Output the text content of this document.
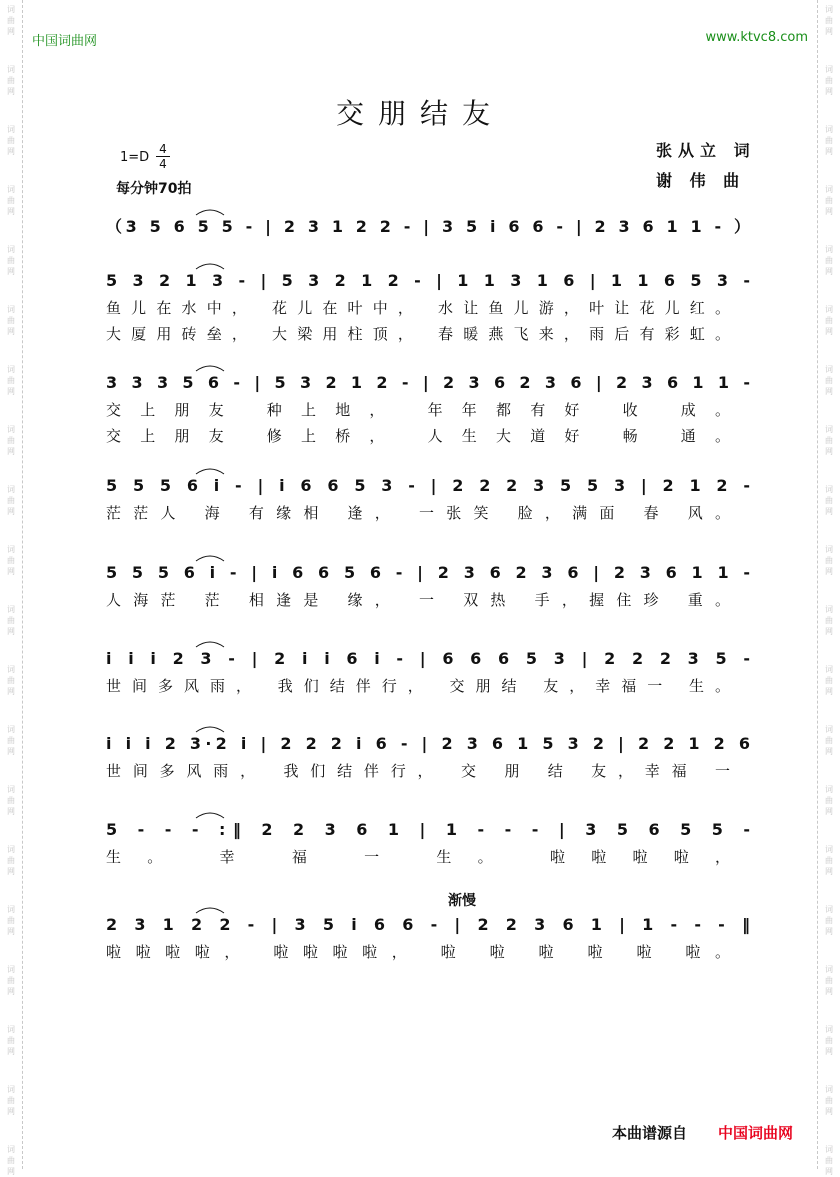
词
曲
网
词
曲
网
词
曲
网
词
曲
网
词
曲
网
词
曲
网
词
曲
网
词
曲
网
词
曲
网
词
曲
网
词
曲
网
词
曲
网
词
曲
网
词
曲
网
词
曲
网
词
曲
网
词
曲
网
词
曲
网
词
曲
网
词
曲
网
词
曲
网
词
曲
网
词
曲
网
词
曲
网
词
曲
网
词
曲
网
词
曲
网
词
曲
网
词
曲
网
词
曲
网
词
曲
网
词
曲
网
词
曲
网
词
曲
网
词
曲
网
词
曲
网
词
曲
网
词
曲
网
词
曲
网
词
曲
网
中国词曲网	www.ktvc8.com
交朋结友
1=D
4
4
每分钟70拍
张从立 词
谢 伟 曲
（3 5 6 5 5 - | 2 3 1 2 2 - | 3 5 i 6 6 - | 2 3 6 1 1 - ）
5 3 2 1 3 - | 5 3 2 1 2 - | 1 1 3 1 6 | 1 1 6 5 3 -
鱼儿在水中， 花儿在叶中， 水让鱼儿游，叶让花儿红。
大厦用砖垒， 大梁用柱顶， 春暖燕飞来，雨后有彩虹。
3 3 3 5 6 - | 5 3 2 1 2 - | 2 3 6 2 3 6 | 2 3 6 1 1 -
交上朋友 种上地， 年年都有好 收 成。
交上朋友 修上桥， 人生大道好 畅 通。
5 5 5 6 i - | i 6 6 5 3 - | 2 2 2 3 5 5 3 | 2 1 2 -
茫茫人 海 有缘相 逢， 一张笑 脸，满面 春 风。
5 5 5 6 i - | i 6 6 5 6 - | 2 3 6 2 3 6 | 2 3 6 1 1 -
人海茫 茫 相逢是 缘， 一 双热 手，握住珍 重。
i i i 2 3 - | 2 i i 6 i - | 6 6 6 5 3 | 2 2 2 3 5 -
世间多风雨， 我们结伴行， 交朋结 友，幸福一 生。
i i i 2 3·2 i | 2 2 2 i 6 - | 2 3 6 1 5 3 2 | 2 2 1 2 6
世间多风雨， 我们结伴行， 交 朋 结 友，幸福 一
5 - - - :‖ 2 2 3 6 1 | 1 - - - | 3 5 6 5 5 -
生。 幸 福 一 生。 啦啦啦啦，
2 3 1 2 2 - | 3 5 i 6 6 - | 2 2 3 6 1 | 1 - - - ‖
啦啦啦啦， 啦啦啦啦， 啦 啦 啦 啦 啦 啦。
渐慢
本曲谱源自 中国词曲网
